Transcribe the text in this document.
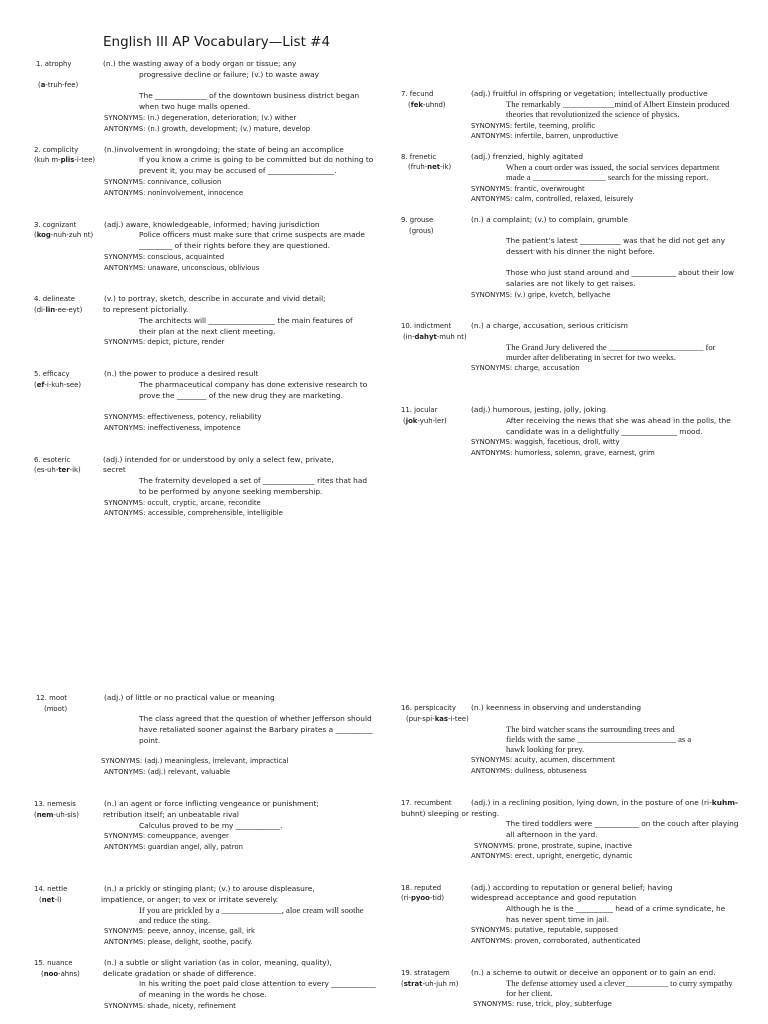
English III AP Vocabulary—List #4
1. atrophy
(a-truh-fee)
(n.) the wasting away of a body organ or tissue; any
progressive decline or failure; (v.) to waste away
The ______________ of the downtown business district began
when two huge malls opened.
SYNONYMS: (n.) degeneration, deterioration; (v.) wither
ANTONYMS: (n.) growth, development; (v.) mature, develop
2. complicity
(kuh m-plis-i-tee)
(n.)involvement in wrongdoing; the state of being an accomplice
If you know a crime is going to be committed but do nothing to
prevent it, you may be accused of __________________.
SYNONYMS: connivance, collusion
ANTONYMS: noninvolvement, innocence
3. cognizant
(kog-nuh-zuh nt)
(adj.) aware, knowledgeable, informed; having jurisdiction
Police officers must make sure that crime suspects are made
_________ of their rights before they are questioned.
SYNONYMS: conscious, acquainted
ANTONYMS: unaware, unconscious, oblivious
4. delineate
(di-lin-ee-eyt)
(v.) to portray, sketch, describe in accurate and vivid detail;
to represent pictorially.
The architects will __________________ the main features of
their plan at the next client meeting.
SYNONYMS: depict, picture, render
5. efficacy
(ef-i-kuh-see)
(n.) the power to produce a desired result
The pharmaceutical company has done extensive research to
prove the ________ of the new drug they are marketing.
SYNONYMS: effectiveness, potency, reliability
ANTONYMS: ineffectiveness, impotence
6. esoteric
(es-uh-ter-ik)
(adj.) intended for or understood by only a select few, private,
secret
The fraternity developed a set of ______________ rites that had
to be performed by anyone seeking membership.
SYNONYMS: occult, cryptic, arcane, recondite
ANTONYMS: accessible, comprehensible, intelligible
7. fecund
(fek-uhnd)
(adj.) fruitful in offspring or vegetation; intellectually productive
The remarkably ____________mind of Albert Einstein produced
theories that revolutionized the science of physics.
SYNONYMS: fertile, teeming, prolific
ANTONYMS: infertile, barren, unproductive
8. frenetic
(fruh-net-ik)
(adj.) frenzied, highly agitated
When a court order was issued, the social services department
made a _________________ search for the missing report.
SYNONYMS: frantic, overwrought
ANTONYMS: calm, controlled, relaxed, leisurely
9. grouse
(grous)
(n.) a complaint; (v.) to complain, grumble
The patient’s latest ___________ was that he did not get any
dessert with his dinner the night before.
Those who just stand around and ____________ about their low
salaries are not likely to get raises.
SYNONYMS: (v.) gripe, kvetch, bellyache
10. indictment
(in-dahyt-muh nt)
(n.) a charge, accusation, serious criticism
The Grand Jury delivered the ______________________ for
murder after deliberating in secret for two weeks.
SYNONYMS: charge, accusation
11. jocular
(jok-yuh-ler)
(adj.) humorous, jesting, jolly, joking
After receiving the news that she was ahead in the polls, the
candidate was in a delightfully _______________ mood.
SYNONYMS: waggish, facetious, droll, witty
ANTONYMS: humorless, solemn, grave, earnest, grim
12. moot
(moot)
(adj.) of little or no practical value or meaning
The class agreed that the question of whether Jefferson should
have retaliated sooner against the Barbary pirates a __________
point.
SYNONYMS: (adj.) meaningless, irrelevant, impractical
ANTONYMS: (adj.) relevant, valuable
13. nemesis
(nem-uh-sis)
(n.) an agent or force inflicting vengeance or punishment;
retribution itself; an unbeatable rival
Calculus proved to be my ____________.
SYNONYMS: comeuppance, avenger
ANTONYMS: guardian angel, ally, patron
14. nettle
(net-l)
(n.) a prickly or stinging plant; (v.) to arouse displeasure,
impatience, or anger; to vex or irritate severely.
If you are prickled by a ______________, aloe cream will soothe
and reduce the sting.
SYNONYMS: peeve, annoy, incense, gall, irk
ANTONYMS: please, delight, soothe, pacify.
15. nuance
(noo-ahns)
(n.) a subtle or slight variation (as in color, meaning, quality),
delicate gradation or shade of difference.
In his writing the poet paid close attention to every ____________
of meaning in the words he chose.
SYNONYMS: shade, nicety, refinement
16. perspicacity
(pur-spi-kas-i-tee)
(n.) keenness in observing and understanding
The bird watcher scans the surrounding trees and
fields with the same _______________________ as a
hawk looking for prey.
SYNONYMS: acuity, acumen, discernment
ANTONYMS: dullness, obtuseness
17. recumbent	(adj.) in a reclining position, lying down, in the posture of one (ri-kuhm-
buhnt) sleeping or resting.
The tired toddlers were ____________ on the couch after playing
all afternoon in the yard.
SYNONYMS: prone, prostrate, supine, inactive
ANTONYMS: erect, upright, energetic, dynamic
18. reputed
(ri-pyoo-tid)
(adj.) according to reputation or general belief; having
widespread acceptance and good reputation
Although he is the __________ head of a crime syndicate, he
has never spent time in jail.
SYNONYMS: putative, reputable, supposed
ANTONYMS: proven, corroborated, authenticated
19. stratagem
(strat-uh-juh m)
(n.) a scheme to outwit or deceive an opponent or to gain an end.
The defense attorney used a clever__________ to curry sympathy
for her client.
SYNONYMS: ruse, trick, ploy, subterfuge
